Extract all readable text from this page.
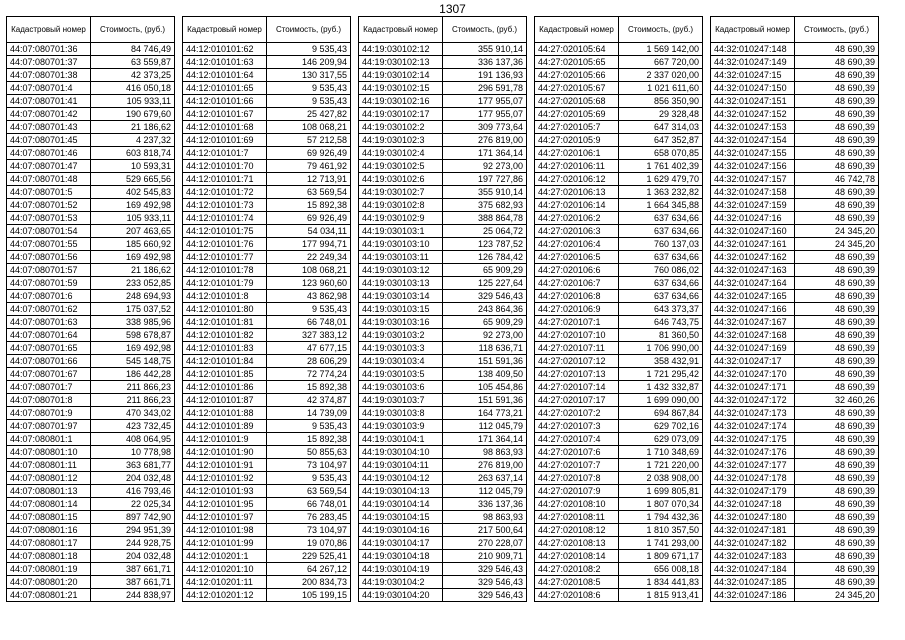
1307
Кадастровый номер	Стоимость, (руб.)
44:07:080701:36	84 746,49
44:07:080701:37	63 559,87
44:07:080701:38	42 373,25
44:07:080701:4	416 050,18
44:07:080701:41	105 933,11
44:07:080701:42	190 679,60
44:07:080701:43	21 186,62
44:07:080701:45	4 237,32
44:07:080701:46	603 818,74
44:07:080701:47	10 593,31
44:07:080701:48	529 665,56
44:07:080701:5	402 545,83
44:07:080701:52	169 492,98
44:07:080701:53	105 933,11
44:07:080701:54	207 463,65
44:07:080701:55	185 660,92
44:07:080701:56	169 492,98
44:07:080701:57	21 186,62
44:07:080701:59	233 052,85
44:07:080701:6	248 694,93
44:07:080701:62	175 037,52
44:07:080701:63	338 985,96
44:07:080701:64	598 678,87
44:07:080701:65	169 492,98
44:07:080701:66	545 148,75
44:07:080701:67	186 442,28
44:07:080701:7	211 866,23
44:07:080701:8	211 866,23
44:07:080701:9	470 343,02
44:07:080701:97	423 732,45
44:07:080801:1	408 064,95
44:07:080801:10	10 778,98
44:07:080801:11	363 681,77
44:07:080801:12	204 032,48
44:07:080801:13	416 793,46
44:07:080801:14	22 025,34
44:07:080801:15	897 742,90
44:07:080801:16	294 951,39
44:07:080801:17	244 928,75
44:07:080801:18	204 032,48
44:07:080801:19	387 661,71
44:07:080801:20	387 661,71
44:07:080801:21	244 838,97
Кадастровый номер	Стоимость, (руб.)
44:12:010101:62	9 535,43
44:12:010101:63	146 209,94
44:12:010101:64	130 317,55
44:12:010101:65	9 535,43
44:12:010101:66	9 535,43
44:12:010101:67	25 427,82
44:12:010101:68	108 068,21
44:12:010101:69	57 212,58
44:12:010101:7	69 926,49
44:12:010101:70	79 461,92
44:12:010101:71	12 713,91
44:12:010101:72	63 569,54
44:12:010101:73	15 892,38
44:12:010101:74	69 926,49
44:12:010101:75	54 034,11
44:12:010101:76	177 994,71
44:12:010101:77	22 249,34
44:12:010101:78	108 068,21
44:12:010101:79	123 960,60
44:12:010101:8	43 862,98
44:12:010101:80	9 535,43
44:12:010101:81	66 748,01
44:12:010101:82	327 383,12
44:12:010101:83	47 677,15
44:12:010101:84	28 606,29
44:12:010101:85	72 774,24
44:12:010101:86	15 892,38
44:12:010101:87	42 374,87
44:12:010101:88	14 739,09
44:12:010101:89	9 535,43
44:12:010101:9	15 892,38
44:12:010101:90	50 855,63
44:12:010101:91	73 104,97
44:12:010101:92	9 535,43
44:12:010101:93	63 569,54
44:12:010101:95	66 748,01
44:12:010101:97	76 283,45
44:12:010101:98	73 104,97
44:12:010101:99	19 070,86
44:12:010201:1	229 525,41
44:12:010201:10	64 267,12
44:12:010201:11	200 834,73
44:12:010201:12	105 199,15
Кадастровый номер	Стоимость, (руб.)
44:19:030102:12	355 910,14
44:19:030102:13	336 137,36
44:19:030102:14	191 136,93
44:19:030102:15	296 591,78
44:19:030102:16	177 955,07
44:19:030102:17	177 955,07
44:19:030102:2	309 773,64
44:19:030102:3	276 819,00
44:19:030102:4	171 364,14
44:19:030102:5	92 273,00
44:19:030102:6	197 727,86
44:19:030102:7	355 910,14
44:19:030102:8	375 682,93
44:19:030102:9	388 864,78
44:19:030103:1	25 064,72
44:19:030103:10	123 787,52
44:19:030103:11	126 784,42
44:19:030103:12	65 909,29
44:19:030103:13	125 227,64
44:19:030103:14	329 546,43
44:19:030103:15	243 864,36
44:19:030103:16	65 909,29
44:19:030103:2	92 273,00
44:19:030103:3	118 636,71
44:19:030103:4	151 591,36
44:19:030103:5	138 409,50
44:19:030103:6	105 454,86
44:19:030103:7	151 591,36
44:19:030103:8	164 773,21
44:19:030103:9	112 045,79
44:19:030104:1	171 364,14
44:19:030104:10	98 863,93
44:19:030104:11	276 819,00
44:19:030104:12	263 637,14
44:19:030104:13	112 045,79
44:19:030104:14	336 137,36
44:19:030104:15	98 863,93
44:19:030104:16	217 500,64
44:19:030104:17	270 228,07
44:19:030104:18	210 909,71
44:19:030104:19	329 546,43
44:19:030104:2	329 546,43
44:19:030104:20	329 546,43
Кадастровый номер	Стоимость, (руб.)
44:27:020105:64	1 569 142,00
44:27:020105:65	667 720,00
44:27:020105:66	2 337 020,00
44:27:020105:67	1 021 611,60
44:27:020105:68	856 350,90
44:27:020105:69	29 328,48
44:27:020105:7	647 314,03
44:27:020105:9	647 352,87
44:27:020106:1	658 070,85
44:27:020106:11	1 761 402,39
44:27:020106:12	1 629 479,70
44:27:020106:13	1 363 232,82
44:27:020106:14	1 664 345,88
44:27:020106:2	637 634,66
44:27:020106:3	637 634,66
44:27:020106:4	760 137,03
44:27:020106:5	637 634,66
44:27:020106:6	760 086,02
44:27:020106:7	637 634,66
44:27:020106:8	637 634,66
44:27:020106:9	643 373,37
44:27:020107:1	646 743,75
44:27:020107:10	81 360,50
44:27:020107:11	1 706 990,00
44:27:020107:12	358 432,91
44:27:020107:13	1 721 295,42
44:27:020107:14	1 432 332,87
44:27:020107:17	1 699 090,00
44:27:020107:2	694 867,84
44:27:020107:3	629 702,16
44:27:020107:4	629 073,09
44:27:020107:6	1 710 348,69
44:27:020107:7	1 721 220,00
44:27:020107:8	2 038 908,00
44:27:020107:9	1 699 805,81
44:27:020108:10	1 807 070,34
44:27:020108:11	1 794 432,36
44:27:020108:12	1 810 357,50
44:27:020108:13	1 741 293,00
44:27:020108:14	1 809 671,17
44:27:020108:2	656 008,18
44:27:020108:5	1 834 441,83
44:27:020108:6	1 815 913,41
Кадастровый номер	Стоимость, (руб.)
44:32:010247:148	48 690,39
44:32:010247:149	48 690,39
44:32:010247:15	48 690,39
44:32:010247:150	48 690,39
44:32:010247:151	48 690,39
44:32:010247:152	48 690,39
44:32:010247:153	48 690,39
44:32:010247:154	48 690,39
44:32:010247:155	48 690,39
44:32:010247:156	48 690,39
44:32:010247:157	46 742,78
44:32:010247:158	48 690,39
44:32:010247:159	48 690,39
44:32:010247:16	48 690,39
44:32:010247:160	24 345,20
44:32:010247:161	24 345,20
44:32:010247:162	48 690,39
44:32:010247:163	48 690,39
44:32:010247:164	48 690,39
44:32:010247:165	48 690,39
44:32:010247:166	48 690,39
44:32:010247:167	48 690,39
44:32:010247:168	48 690,39
44:32:010247:169	48 690,39
44:32:010247:17	48 690,39
44:32:010247:170	48 690,39
44:32:010247:171	48 690,39
44:32:010247:172	32 460,26
44:32:010247:173	48 690,39
44:32:010247:174	48 690,39
44:32:010247:175	48 690,39
44:32:010247:176	48 690,39
44:32:010247:177	48 690,39
44:32:010247:178	48 690,39
44:32:010247:179	48 690,39
44:32:010247:18	48 690,39
44:32:010247:180	48 690,39
44:32:010247:181	48 690,39
44:32:010247:182	48 690,39
44:32:010247:183	48 690,39
44:32:010247:184	48 690,39
44:32:010247:185	48 690,39
44:32:010247:186	24 345,20
